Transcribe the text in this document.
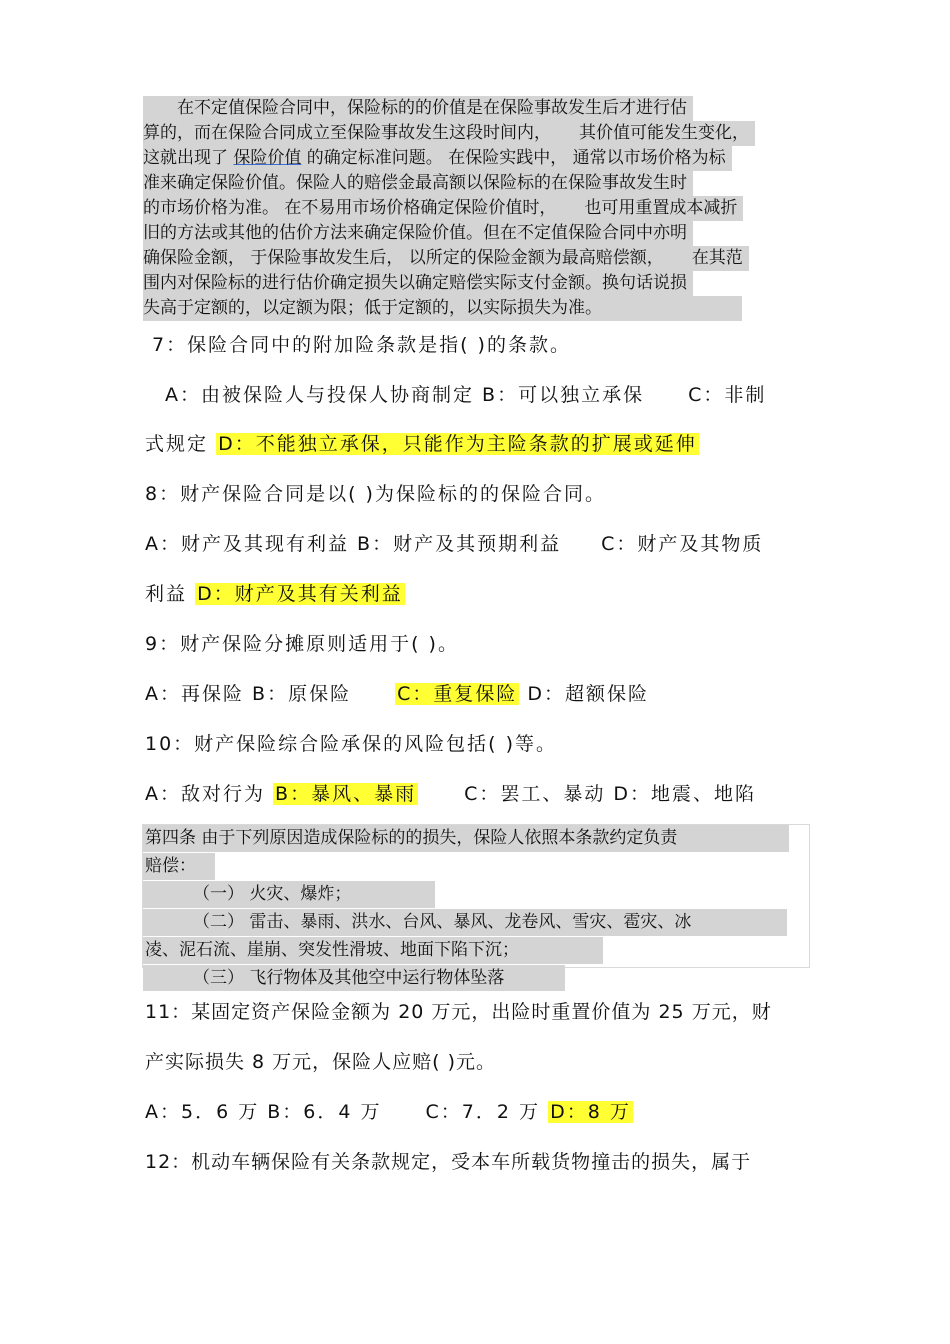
　　在不定值保险合同中，保险标的的价值是在保险事故发生后才进行估
算的，而在保险合同成立至保险事故发生这段时间内， 其价值可能发生变化，
这就出现了 保险价值 的确定标准问题。 在保险实践中， 通常以市场价格为标
准来确定保险价值。保险人的赔偿金最高额以保险标的在保险事故发生时
的市场价格为准。 在不易用市场价格确定保险价值时， 也可用重置成本减折
旧的方法或其他的估价方法来确定保险价值。但在不定值保险合同中亦明
确保险金额， 于保险事故发生后， 以所定的保险金额为最高赔偿额， 在其范
围内对保险标的进行估价确定损失以确定赔偿实际支付金额。换句话说损
失高于定额的，以定额为限；低于定额的，以实际损失为准。
7：保险合同中的附加险条款是指( )的条款。
A：由被保险人与投保人协商制定 B：可以独立承保 C：非制
式规定 D：不能独立承保，只能作为主险条款的扩展或延伸
8：财产保险合同是以( )为保险标的的保险合同。
A：财产及其现有利益 B：财产及其预期利益 C：财产及其物质
利益 D：财产及其有关利益
9：财产保险分摊原则适用于( )。
A：再保险 B：原保险 C：重复保险 D：超额保险
10：财产保险综合险承保的风险包括( )等。
A：敌对行为 B：暴风、暴雨	C：罢工、暴动 D：地震、地陷
第四条 由于下列原因造成保险标的的损失，保险人依照本条款约定负责
赔偿：
（一） 火灾、爆炸；
（二） 雷击、暴雨、洪水、台风、暴风、龙卷风、雪灾、雹灾、冰
凌、泥石流、崖崩、突发性滑坡、地面下陷下沉；
（三） 飞行物体及其他空中运行物体坠落
11：某固定资产保险金额为 20 万元，出险时重置价值为 25 万元，财
产实际损失 8 万元，保险人应赔( )元。
A：5．6 万 B：6．4 万 C：7．2 万 D：8 万
12：机动车辆保险有关条款规定，受本车所载货物撞击的损失，属于
